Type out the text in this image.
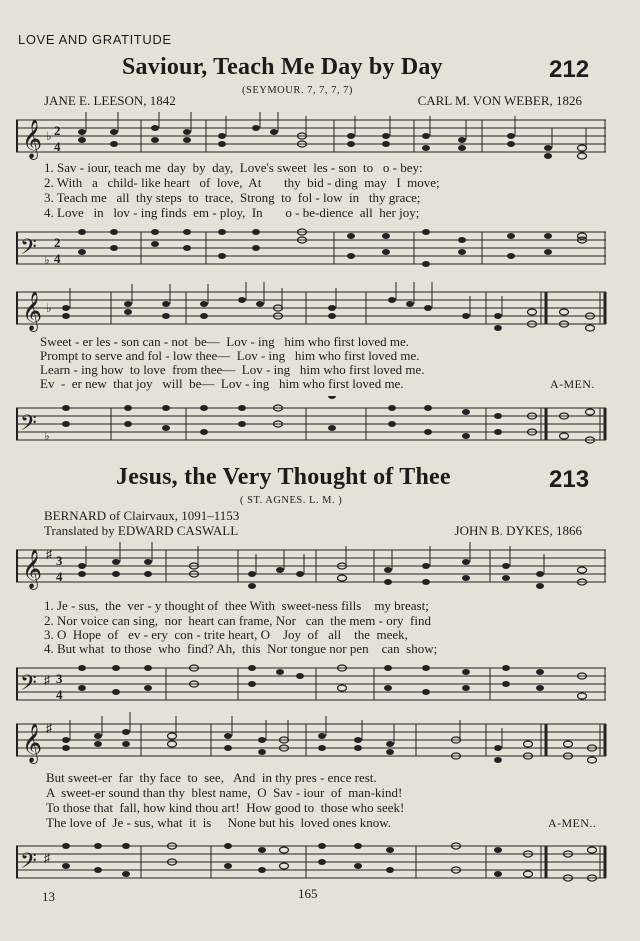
LOVE AND GRATITUDE
Saviour, Teach Me Day by Day	212
(SEYMOUR. 7, 7, 7, 7)
JANE E. LEESON, 1842	CARL M. VON WEBER, 1826
𝄞 ♭ 2
4
1. Sav - iour, teach me  day  by  day,  Love's sweet  les - son  to   o - bey:
2. With   a   child- like heart   of  love,  At       thy  bid - ding  may   I  move;
3. Teach me   all  thy steps  to  trace,  Strong  to  fol - low  in   thy grace;
4. Love   in   lov - ing finds  em - ploy,  In       o - be-dience  all  her joy;
𝄢 ♭
2
4
𝄞 ♭
Sweet - er les - son can - not  be—  Lov - ing   him who first loved me.
Prompt to serve and fol - low thee—  Lov - ing   him who first loved me.
Learn - ing how  to love  from thee—  Lov - ing   him who first loved me.
Ev  -  er new  that joy   will  be—  Lov - ing   him who first loved me.	A-MEN.
𝄢 ♭
Jesus, the Very Thought of Thee	213
( ST. AGNES. L. M. )
BERNARD of Clairvaux, 1091–1153
Translated by EDWARD CASWALL	JOHN B. DYKES, 1866
𝄞 ♯ 3
4
1. Je - sus,  the  ver - y thought of  thee With  sweet-ness fills    my breast;
2. Nor voice can sing,  nor  heart can frame, Nor   can  the mem - ory  find
3. O  Hope  of   ev - ery  con - trite heart, O    Joy  of   all    the  meek,
4. But what  to those  who  find? Ah,  this  Nor tongue nor pen    can  show;
𝄢 ♯ 3
4
𝄞 ♯
But sweet-er  far  thy face  to  see,   And  in thy pres - ence rest.
A  sweet-er sound than thy  blest name,  O  Sav - iour  of  man-kind!
To those that  fall, how kind thou art!  How good to  those who seek!
The love of  Je - sus, what  it  is     None but his  loved ones know.	A-MEN..
𝄢 ♯
13	165
